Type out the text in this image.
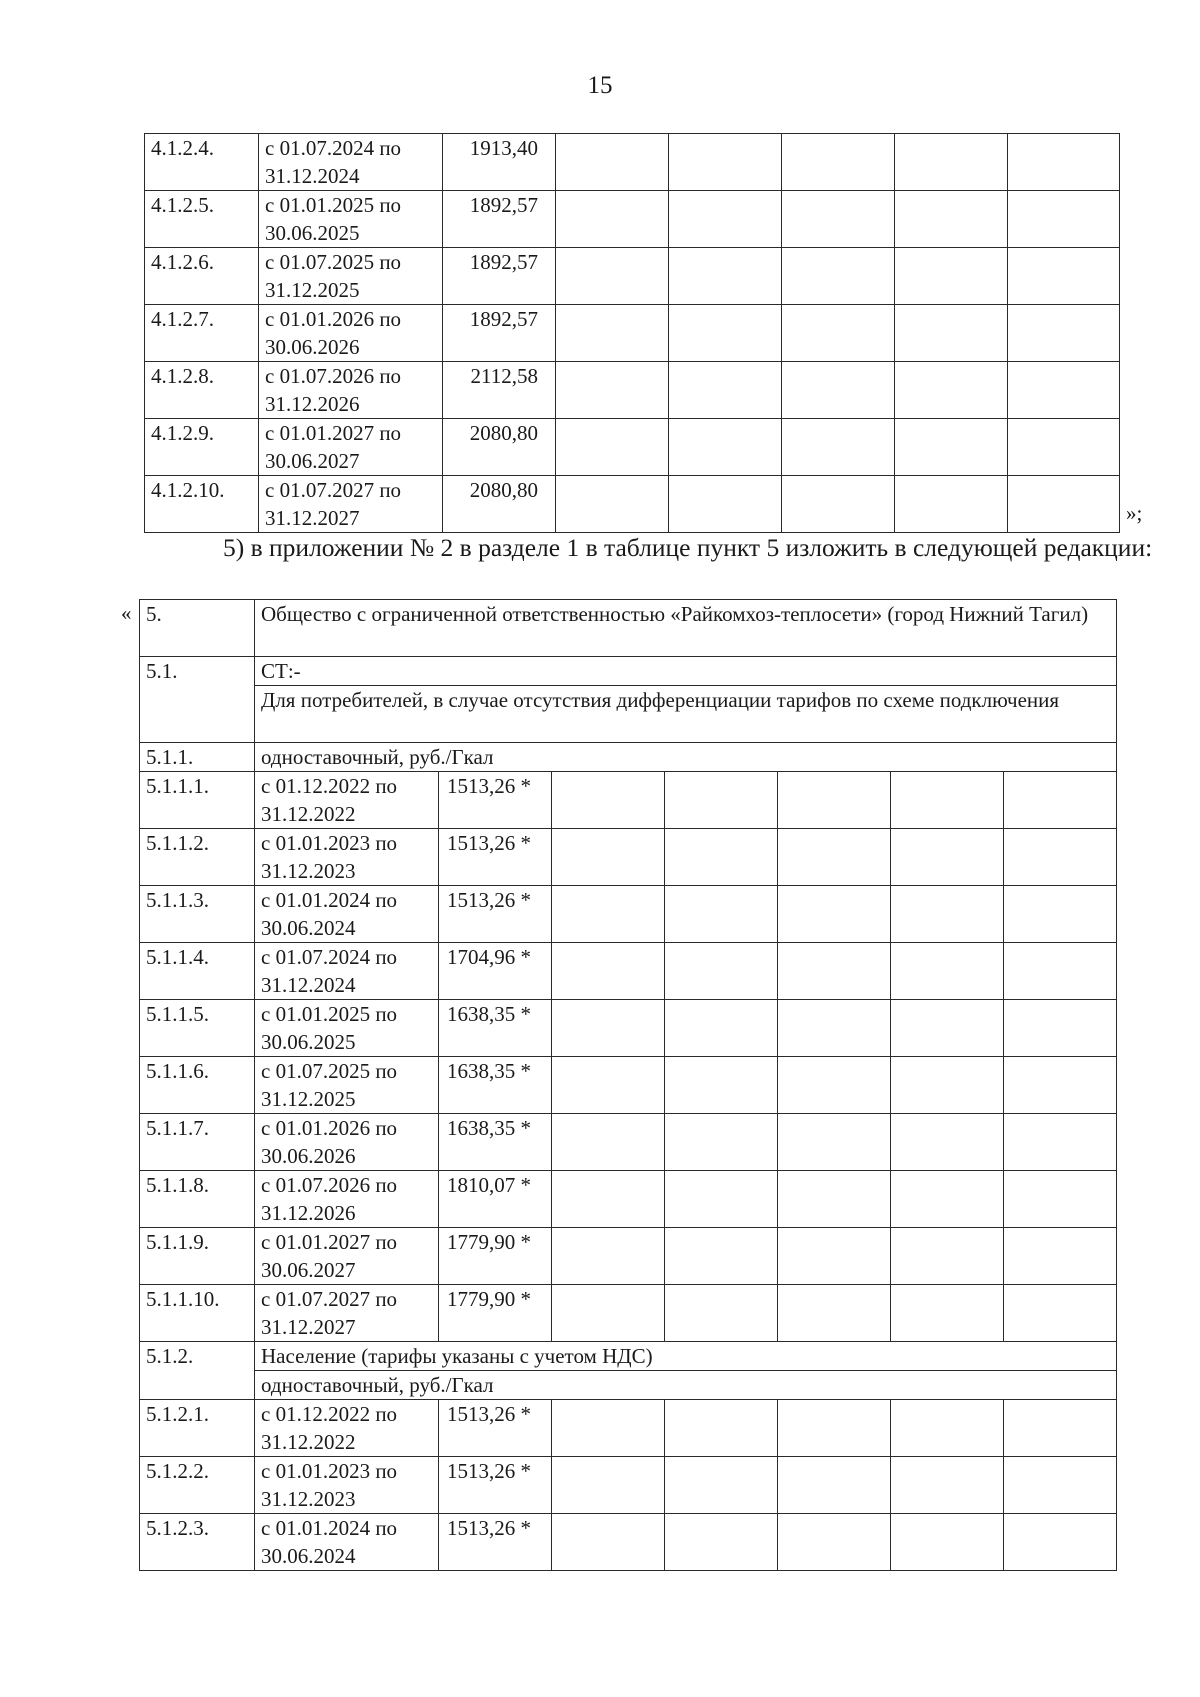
15
4.1.2.4.	с 01.07.2024 по 31.12.2024	1913,40					
4.1.2.5.	с 01.01.2025 по 30.06.2025	1892,57					
4.1.2.6.	с 01.07.2025 по 31.12.2025	1892,57					
4.1.2.7.	с 01.01.2026 по 30.06.2026	1892,57					
4.1.2.8.	с 01.07.2026 по 31.12.2026	2112,58					
4.1.2.9.	с 01.01.2027 по 30.06.2027	2080,80					
4.1.2.10.	с 01.07.2027 по 31.12.2027	2080,80					
»;

5) в приложении № 2 в разделе 1 в таблице пункт 5 изложить в следующей редакции:

« 5.	Общество с ограниченной ответственностью «Райкомхоз-теплосети» (город Нижний Тагил)						
5.1.	СТ:-						
	Для потребителей, в случае отсутствия дифференциации тарифов по схеме подключения						
5.1.1.	одноставочный, руб./Гкал						
5.1.1.1.	с 01.12.2022 по 31.12.2022	1513,26 *					
5.1.1.2.	с 01.01.2023 по 31.12.2023	1513,26 *					
5.1.1.3.	с 01.01.2024 по 30.06.2024	1513,26 *					
5.1.1.4.	с 01.07.2024 по 31.12.2024	1704,96 *					
5.1.1.5.	с 01.01.2025 по 30.06.2025	1638,35 *					
5.1.1.6.	с 01.07.2025 по 31.12.2025	1638,35 *					
5.1.1.7.	с 01.01.2026 по 30.06.2026	1638,35 *					
5.1.1.8.	с 01.07.2026 по 31.12.2026	1810,07 *					
5.1.1.9.	с 01.01.2027 по 30.06.2027	1779,90 *					
5.1.1.10.	с 01.07.2027 по 31.12.2027	1779,90 *					
5.1.2.	Население (тарифы указаны с учетом НДС)						
	одноставочный, руб./Гкал						
5.1.2.1.	с 01.12.2022 по 31.12.2022	1513,26 *					
5.1.2.2.	с 01.01.2023 по 31.12.2023	1513,26 *					
5.1.2.3.	с 01.01.2024 по 30.06.2024	1513,26 *					
